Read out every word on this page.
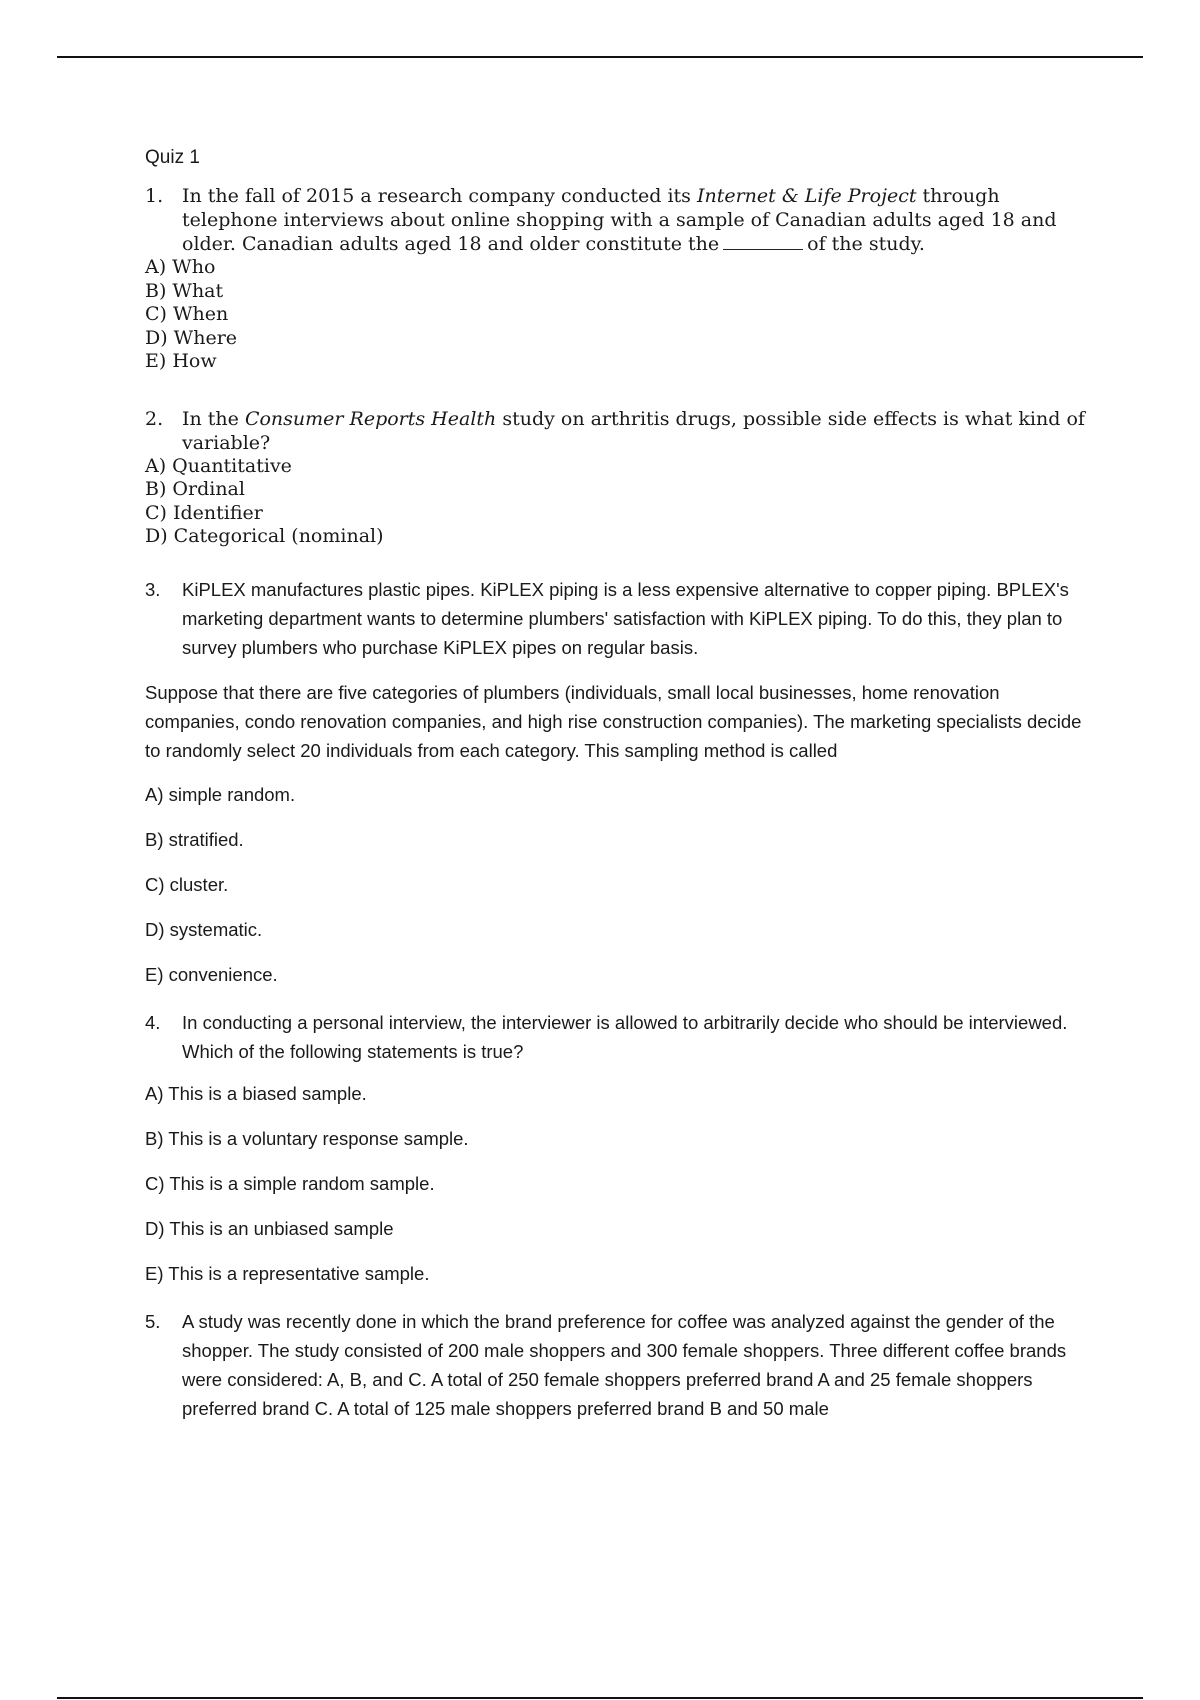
Quiz 1
1. In the fall of 2015 a research company conducted its Internet & Life Project through telephone interviews about online shopping with a sample of Canadian adults aged 18 and older. Canadian adults aged 18 and older constitute the	of the study.
A) Who
B) What
C) When
D) Where
E) How
2. In the Consumer Reports Health study on arthritis drugs, possible side effects is what kind of variable?
A) Quantitative
B) Ordinal
C) Identifier
D) Categorical (nominal)
3.	KiPLEX manufactures plastic pipes. KiPLEX piping is a less expensive alternative to copper piping. BPLEX's marketing department wants to determine plumbers' satisfaction with KiPLEX piping. To do this, they plan to survey plumbers who purchase KiPLEX pipes on regular basis.
Suppose that there are five categories of plumbers (individuals, small local businesses, home renovation companies, condo renovation companies, and high rise construction companies). The marketing specialists decide to randomly select 20 individuals from each category. This sampling method is called
A) simple random.
B) stratified.
C) cluster.
D) systematic.
E) convenience.
4.	In conducting a personal interview, the interviewer is allowed to arbitrarily decide who should be interviewed. Which of the following statements is true?
A) This is a biased sample.
B) This is a voluntary response sample.
C) This is a simple random sample.
D) This is an unbiased sample
E) This is a representative sample.
5.	A study was recently done in which the brand preference for coffee was analyzed against the gender of the shopper. The study consisted of 200 male shoppers and 300 female shoppers. Three different coffee brands were considered: A, B, and C. A total of 250 female shoppers preferred brand A and 25 female shoppers preferred brand C. A total of 125 male shoppers preferred brand B and 50 male
